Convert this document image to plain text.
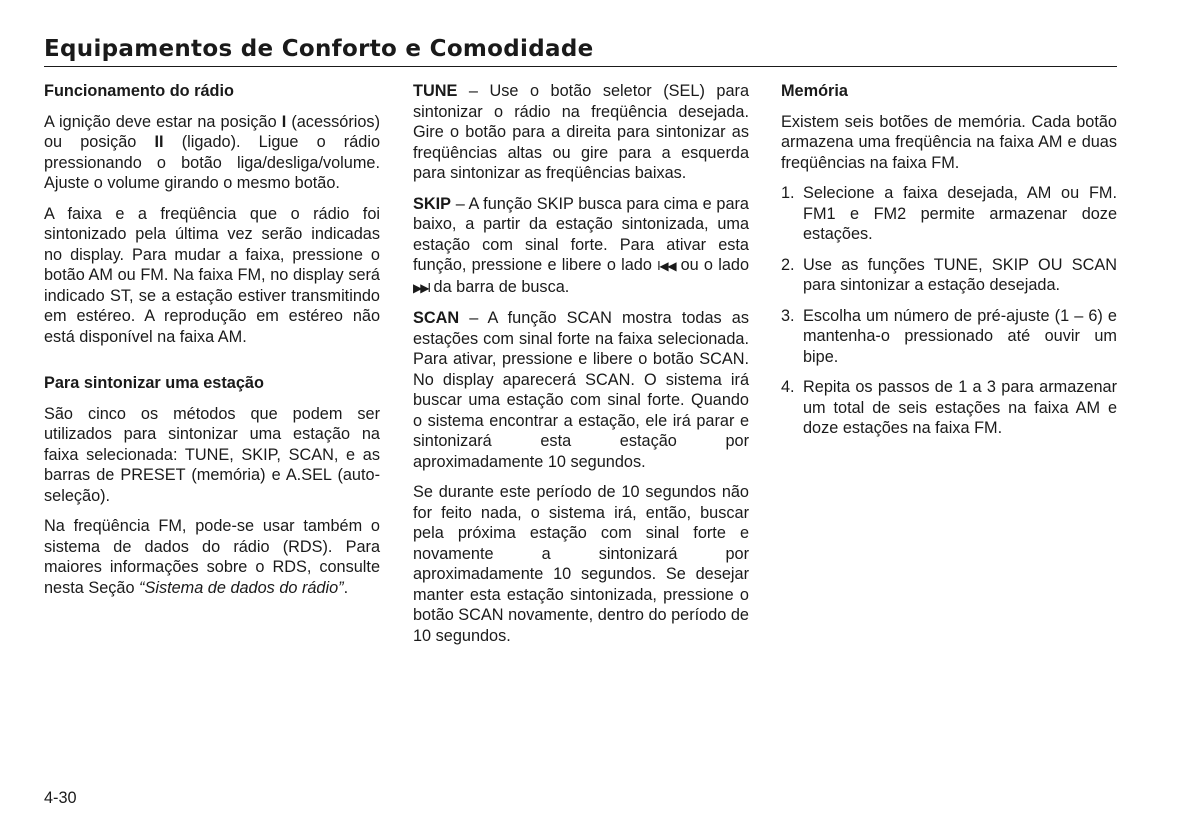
Equipamentos de Conforto e Comodidade
Funcionamento do rádio

A ignição deve estar na posição I (acessórios) ou posição II (ligado). Ligue o rádio pressionando o botão liga/desliga/volume. Ajuste o volume girando o mesmo botão.

A faixa e a freqüência que o rádio foi sintonizado pela última vez serão indicadas no display. Para mudar a faixa, pressione o botão AM ou FM. Na faixa FM, no display será indicado ST, se a estação estiver transmitindo em estéreo. A reprodução em estéreo não está disponível na faixa AM.

Para sintonizar uma estação

São cinco os métodos que podem ser utilizados para sintonizar uma estação na faixa selecionada: TUNE, SKIP, SCAN, e as barras de PRESET (memória) e A.SEL (auto-seleção).

Na freqüência FM, pode-se usar também o sistema de dados do rádio (RDS). Para maiores informações sobre o RDS, consulte nesta Seção “Sistema de dados do rádio”.

TUNE – Use o botão seletor (SEL) para sintonizar o rádio na freqüência desejada. Gire o botão para a direita para sintonizar as freqüências altas ou gire para a esquerda para sintonizar as freqüências baixas.

SKIP – A função SKIP busca para cima e para baixo, a partir da estação sintonizada, uma estação com sinal forte. Para ativar esta função, pressione e libere o lado I◀◀ ou o lado ▶▶I da barra de busca.

SCAN – A função SCAN mostra todas as estações com sinal forte na faixa selecionada. Para ativar, pressione e libere o botão SCAN. No display aparecerá SCAN. O sistema irá buscar uma estação com sinal forte. Quando o sistema encontrar a estação, ele irá parar e sintonizará esta estação por aproximadamente 10 segundos.

Se durante este período de 10 segundos não for feito nada, o sistema irá, então, buscar pela próxima estação com sinal forte e novamente a sintonizará por aproximadamente 10 segundos. Se desejar manter esta estação sintonizada, pressione o botão SCAN novamente, dentro do período de 10 segundos.

Memória

Existem seis botões de memória. Cada botão armazena uma freqüência na faixa AM e duas freqüências na faixa FM.

1. Selecione a faixa desejada, AM ou FM. FM1 e FM2 permite armazenar doze estações.
2. Use as funções TUNE, SKIP OU SCAN para sintonizar a estação desejada.
3. Escolha um número de pré-ajuste (1 – 6) e mantenha-o pressionado até ouvir um bipe.
4. Repita os passos de 1 a 3 para armazenar um total de seis estações na faixa AM e doze estações na faixa FM.
4-30
